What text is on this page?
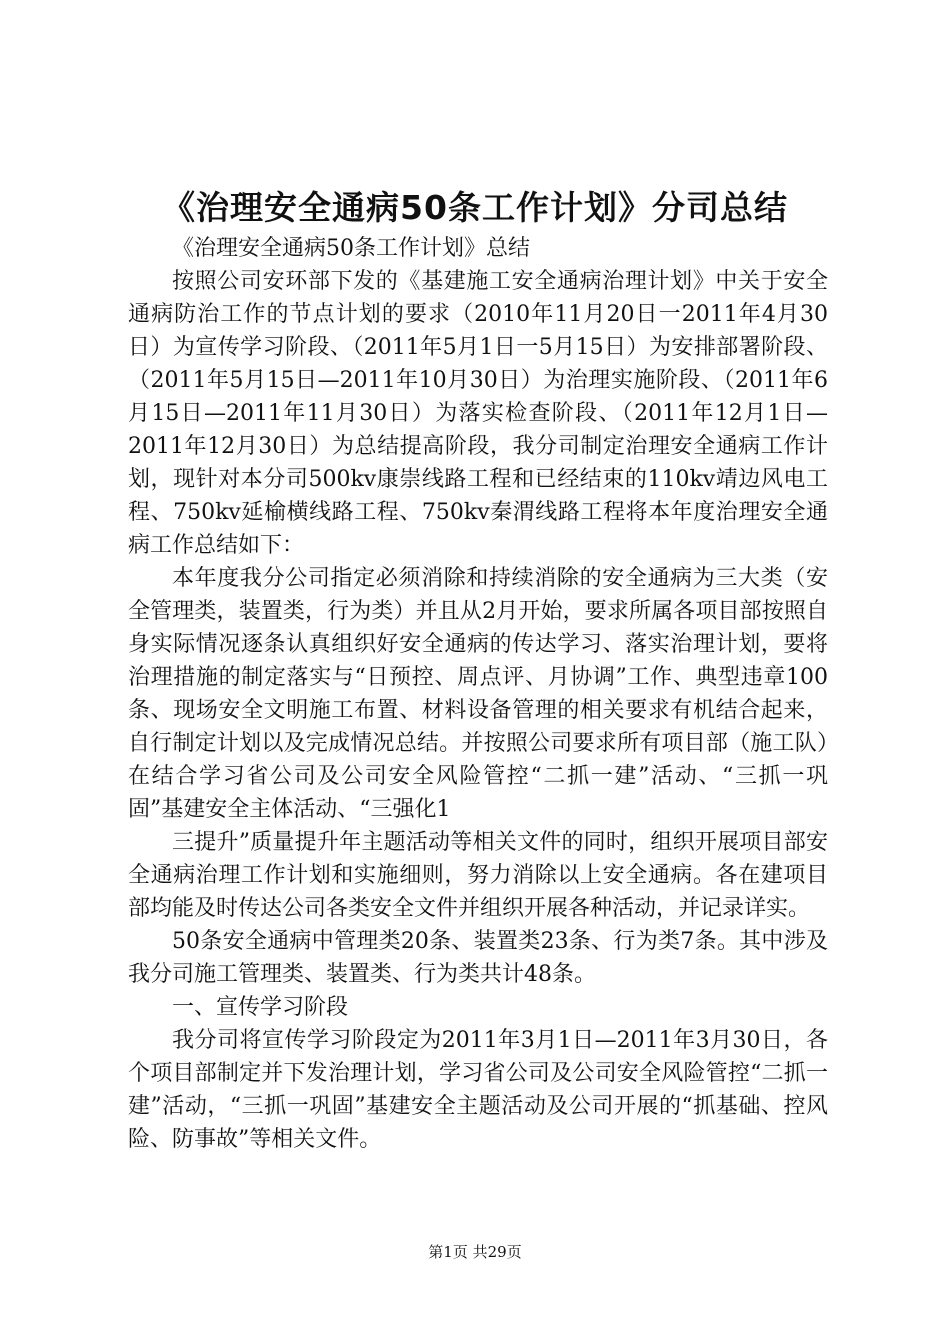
《治理安全通病50条工作计划》分司总结

《治理安全通病50条工作计划》总结

按照公司安环部下发的《基建施工安全通病治理计划》中关于安全通病防治工作的节点计划的要求（2010年11月20日一2011年4月30日）为宣传学习阶段、（2011年5月1日一5月15日）为安排部署阶段、（2011年5月15日—2011年10月30日）为治理实施阶段、（2011年6月15日—2011年11月30日）为落实检查阶段、（2011年12月1日—2011年12月30日）为总结提高阶段，我分司制定治理安全通病工作计划，现针对本分司500kv康崇线路工程和已经结束的110kv靖边风电工程、750kv延榆横线路工程、750kv秦渭线路工程将本年度治理安全通病工作总结如下：

本年度我分公司指定必须消除和持续消除的安全通病为三大类（安全管理类，装置类，行为类）并且从2月开始，要求所属各项目部按照自身实际情况逐条认真组织好安全通病的传达学习、落实治理计划，要将治理措施的制定落实与“日预控、周点评、月协调”工作、典型违章100条、现场安全文明施工布置、材料设备管理的相关要求有机结合起来，自行制定计划以及完成情况总结。并按照公司要求所有项目部（施工队）在结合学习省公司及公司安全风险管控“二抓一建”活动、“三抓一巩固”基建安全主体活动、“三强化1

三提升”质量提升年主题活动等相关文件的同时，组织开展项目部安全通病治理工作计划和实施细则，努力消除以上安全通病。各在建项目部均能及时传达公司各类安全文件并组织开展各种活动，并记录详实。

50条安全通病中管理类20条、装置类23条、行为类7条。其中涉及我分司施工管理类、装置类、行为类共计48条。

一、宣传学习阶段

我分司将宣传学习阶段定为2011年3月1日—2011年3月30日，各个项目部制定并下发治理计划，学习省公司及公司安全风险管控“二抓一建”活动，“三抓一巩固”基建安全主题活动及公司开展的“抓基础、控风险、防事故”等相关文件。

第1页 共29页
